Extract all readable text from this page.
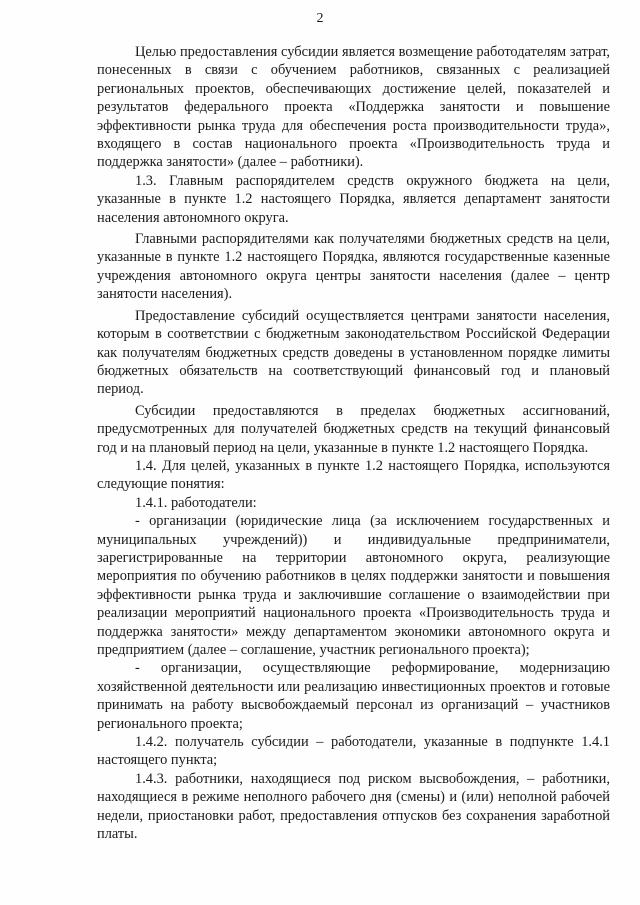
2

Целью предоставления субсидии является возмещение работодателям затрат, понесенных в связи с обучением работников, связанных с реализацией региональных проектов, обеспечивающих достижение целей, показателей и результатов федерального проекта «Поддержка занятости и повышение эффективности рынка труда для обеспечения роста производительности труда», входящего в состав национального проекта «Производительность труда и поддержка занятости» (далее – работники).

1.3. Главным распорядителем средств окружного бюджета на цели, указанные в пункте 1.2 настоящего Порядка, является департамент занятости населения автономного округа.

Главными распорядителями как получателями бюджетных средств на цели, указанные в пункте 1.2 настоящего Порядка, являются государственные казенные учреждения автономного округа центры занятости населения (далее – центр занятости населения).

Предоставление субсидий осуществляется центрами занятости населения, которым в соответствии с бюджетным законодательством Российской Федерации как получателям бюджетных средств доведены в установленном порядке лимиты бюджетных обязательств на соответствующий финансовый год и плановый период.

Субсидии предоставляются в пределах бюджетных ассигнований, предусмотренных для получателей бюджетных средств на текущий финансовый год и на плановый период на цели, указанные в пункте 1.2 настоящего Порядка.

1.4. Для целей, указанных в пункте 1.2 настоящего Порядка, используются следующие понятия:

1.4.1. работодатели:

- организации (юридические лица (за исключением государственных и муниципальных учреждений)) и индивидуальные предприниматели, зарегистрированные на территории автономного округа, реализующие мероприятия по обучению работников в целях поддержки занятости и повышения эффективности рынка труда и заключившие соглашение о взаимодействии при реализации мероприятий национального проекта «Производительность труда и поддержка занятости» между департаментом экономики автономного округа и предприятием (далее – соглашение, участник регионального проекта);

- организации, осуществляющие реформирование, модернизацию хозяйственной деятельности или реализацию инвестиционных проектов и готовые принимать на работу высвобождаемый персонал из организаций – участников регионального проекта;

1.4.2. получатель субсидии – работодатели, указанные в подпункте 1.4.1 настоящего пункта;

1.4.3. работники, находящиеся под риском высвобождения, – работники, находящиеся в режиме неполного рабочего дня (смены) и (или) неполной рабочей недели, приостановки работ, предоставления отпусков без сохранения заработной платы.
